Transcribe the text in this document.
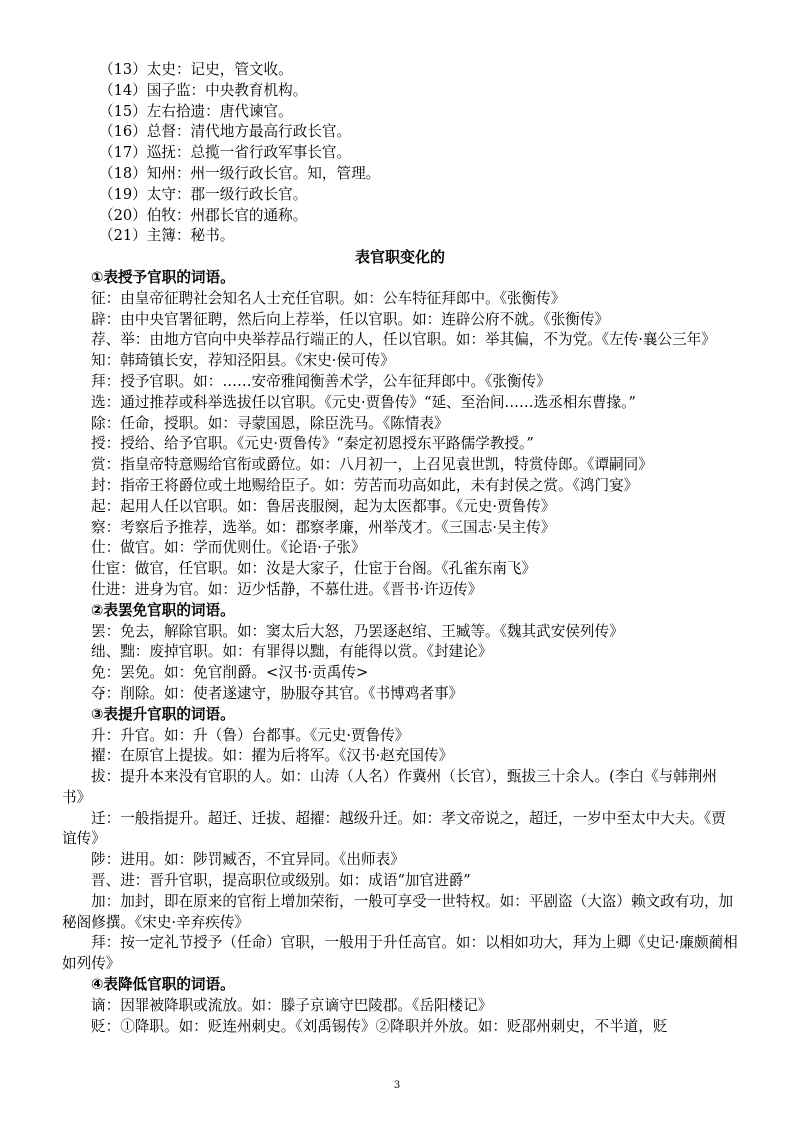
（13）太史：记史，管文收。
（14）国子监：中央教育机构。
（15）左右拾遗：唐代谏官。
（16）总督：清代地方最高行政长官。
（17）巡抚：总揽一省行政军事长官。
（18）知州：州一级行政长官。知，管理。
（19）太守：郡一级行政长官。
（20）伯牧：州郡长官的通称。
（21）主簿：秘书。
表官职变化的
①表授予官职的词语。
征：由皇帝征聘社会知名人士充任官职。如：公车特征拜郎中。《张衡传》
辟：由中央官署征聘，然后向上荐举，任以官职。如：连辟公府不就。《张衡传》
荐、举：由地方官向中央举荐品行端正的人，任以官职。如：举其偏，不为党。《左传·襄公三年》
知：韩琦镇长安，荐知泾阳县。《宋史·侯可传》
拜：授予官职。如：……安帝雅闻衡善术学，公车征拜郎中。《张衡传》
选：通过推荐或科举选拔任以官职。《元史·贾鲁传》“延、至治间……选丞相东曹掾。”
除：任命，授职。如：寻蒙国恩，除臣洗马。《陈情表》
授：授给、给予官职。《元史·贾鲁传》“秦定初恩授东平路儒学教授。”
赏：指皇帝特意赐给官衔或爵位。如：八月初一，上召见袁世凯，特赏侍郎。《谭嗣同》
封：指帝王将爵位或土地赐给臣子。如：劳苦而功高如此，未有封侯之赏。《鸿门宴》
起：起用人任以官职。如：鲁居丧服阕，起为太医都事。《元史·贾鲁传》
察：考察后予推荐，选举。如：郡察孝廉，州举茂才。《三国志·吴主传》
仕：做官。如：学而优则仕。《论语·子张》
仕宦：做官，任官职。如：汝是大家子，仕宦于台阁。《孔雀东南飞》
仕进：进身为官。如：迈少恬静，不慕仕进。《晋书·许迈传》
②表罢免官职的词语。
罢：免去，解除官职。如：窦太后大怒，乃罢逐赵绾、王臧等。《魏其武安侯列传》
绌、黜：废掉官职。如：有罪得以黜，有能得以赏。《封建论》
免：罢免。如：免官削爵。<汉书·贡禹传>
夺：削除。如：使者遂逮守，胁服夺其官。《书博鸡者事》
③表提升官职的词语。
升：升官。如：升（鲁）台都事。《元史·贾鲁传》
擢：在原官上提拔。如：擢为后将军。《汉书·赵充国传》
拔：提升本来没有官职的人。如：山涛（人名）作冀州（长官），甄拔三十余人。(李白《与韩荆州书》
迁：一般指提升。超迁、迁拔、超擢：越级升迁。如：孝文帝说之，超迁，一岁中至太中大夫。《贾谊传》
陟：进用。如：陟罚臧否，不宜异同。《出师表》
晋、进：晋升官职，提高职位或级别。如：成语“加官进爵”
加：加封，即在原来的官衔上增加荣衔，一般可享受一世特权。如：平剧盗（大盗）赖文政有功，加秘阁修撰。《宋史·辛弃疾传》
拜：按一定礼节授予（任命）官职，一般用于升任高官。如：以相如功大，拜为上卿《史记·廉颇蔺相如列传》
④表降低官职的词语。
谪：因罪被降职或流放。如：滕子京谪守巴陵郡。《岳阳楼记》
贬：①降职。如：贬连州刺史。《刘禹锡传》②降职并外放。如：贬邵州刺史，不半道，贬
3
